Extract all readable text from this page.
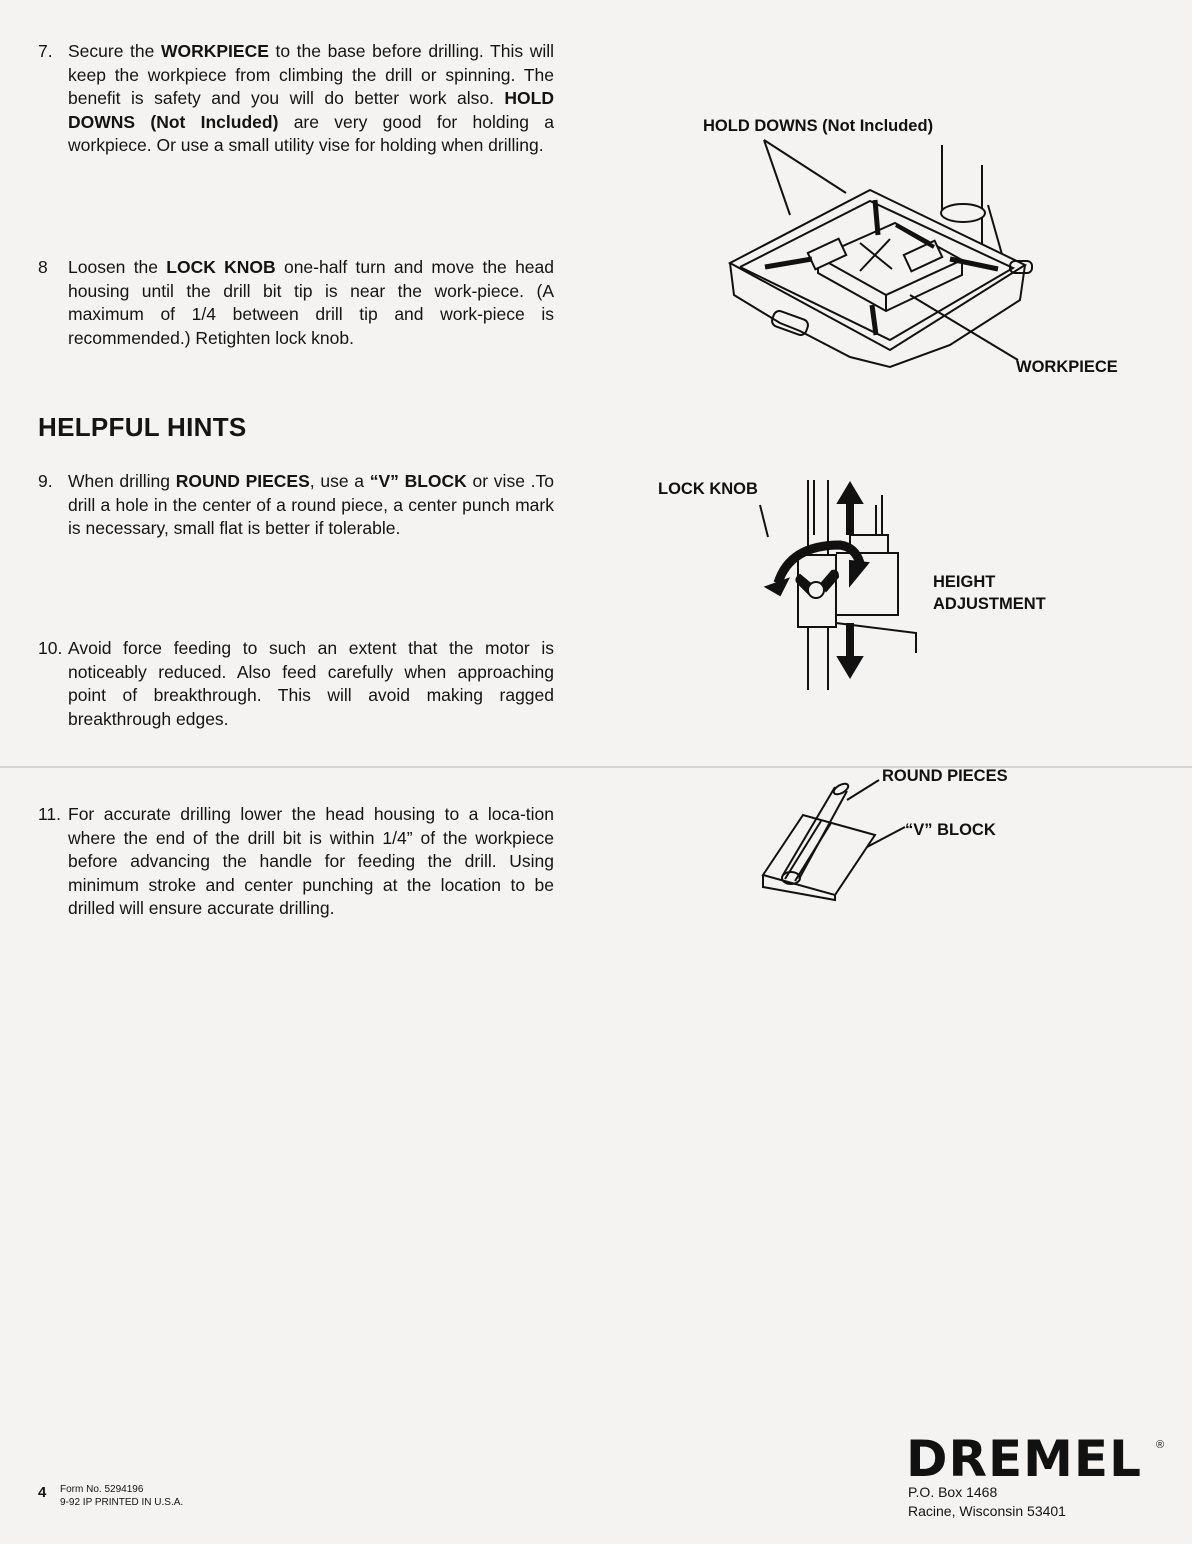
7. Secure the WORKPIECE to the base before drilling. This will keep the workpiece from climbing the drill or spinning. The benefit is safety and you will do better work also. HOLD DOWNS (Not Included) are very good for holding a workpiece. Or use a small utility vise for holding when drilling.
8 Loosen the LOCK KNOB one-half turn and move the head housing until the drill bit tip is near the work-piece. (A maximum of 1/4 between drill tip and work-piece is recommended.) Retighten lock knob.
HELPFUL HINTS
9. When drilling ROUND PIECES, use a “V” BLOCK or vise .To drill a hole in the center of a round piece, a center punch mark is necessary, small flat is better if tolerable.
10. Avoid force feeding to such an extent that the motor is noticeably reduced. Also feed carefully when approaching point of breakthrough. This will avoid making ragged breakthrough edges.
11. For accurate drilling lower the head housing to a loca-tion where the end of the drill bit is within 1/4” of the workpiece before advancing the handle for feeding the drill. Using minimum stroke and center punching at the location to be drilled will ensure accurate drilling.
HOLD DOWNS (Not Included)
WORKPIECE
LOCK KNOB
HEIGHT
ADJUSTMENT
ROUND PIECES
“V” BLOCK
4 Form No. 5294196
9-92 IP PRINTED IN U.S.A.
DREMEL ®
P.O. Box 1468
Racine, Wisconsin 53401
